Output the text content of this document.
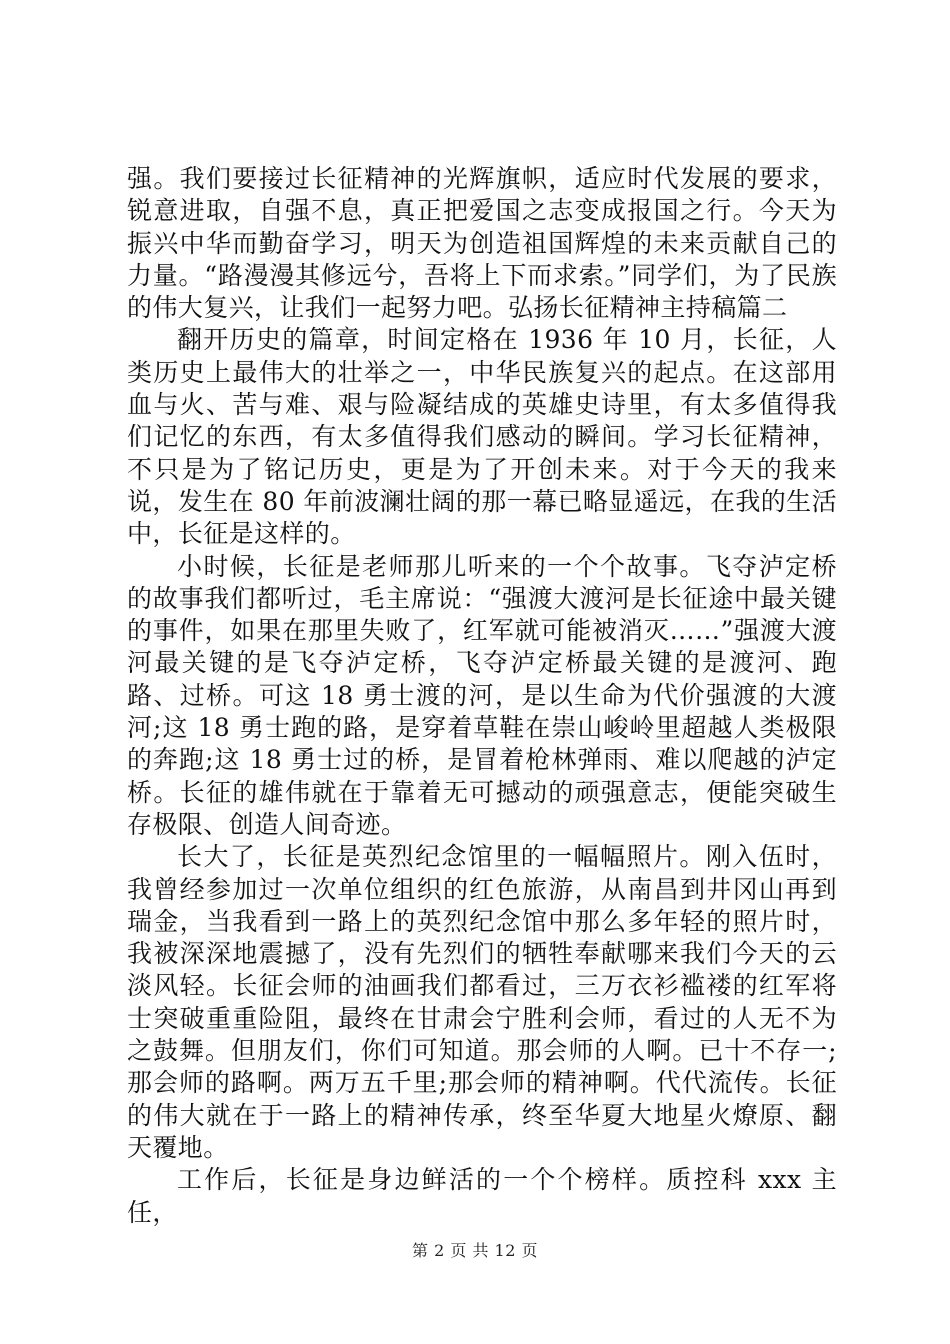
强。我们要接过长征精神的光辉旗帜，适应时代发展的要求，锐意进取，自强不息，真正把爱国之志变成报国之行。今天为振兴中华而勤奋学习，明天为创造祖国辉煌的未来贡献自己的力量。“路漫漫其修远兮，吾将上下而求索。”同学们，为了民族的伟大复兴，让我们一起努力吧。弘扬长征精神主持稿篇二

翻开历史的篇章，时间定格在 1936 年 10 月，长征，人类历史上最伟大的壮举之一，中华民族复兴的起点。在这部用血与火、苦与难、艰与险凝结成的英雄史诗里，有太多值得我们记忆的东西，有太多值得我们感动的瞬间。学习长征精神，不只是为了铭记历史，更是为了开创未来。对于今天的我来说，发生在 80 年前波澜壮阔的那一幕已略显遥远，在我的生活中，长征是这样的。

小时候，长征是老师那儿听来的一个个故事。飞夺泸定桥的故事我们都听过，毛主席说：“强渡大渡河是长征途中最关键的事件，如果在那里失败了，红军就可能被消灭……”强渡大渡河最关键的是飞夺泸定桥，飞夺泸定桥最关键的是渡河、跑路、过桥。可这 18 勇士渡的河，是以生命为代价强渡的大渡河;这 18 勇士跑的路，是穿着草鞋在崇山峻岭里超越人类极限的奔跑;这 18 勇士过的桥，是冒着枪林弹雨、难以爬越的泸定桥。长征的雄伟就在于靠着无可撼动的顽强意志，便能突破生存极限、创造人间奇迹。

长大了，长征是英烈纪念馆里的一幅幅照片。刚入伍时，我曾经参加过一次单位组织的红色旅游，从南昌到井冈山再到瑞金，当我看到一路上的英烈纪念馆中那么多年轻的照片时，我被深深地震撼了，没有先烈们的牺牲奉献哪来我们今天的云淡风轻。长征会师的油画我们都看过，三万衣衫褴褛的红军将士突破重重险阻，最终在甘肃会宁胜利会师，看过的人无不为之鼓舞。但朋友们，你们可知道。那会师的人啊。已十不存一;那会师的路啊。两万五千里;那会师的精神啊。代代流传。长征的伟大就在于一路上的精神传承，终至华夏大地星火燎原、翻天覆地。

工作后，长征是身边鲜活的一个个榜样。质控科 xxx 主任，

第 2 页 共 12 页
